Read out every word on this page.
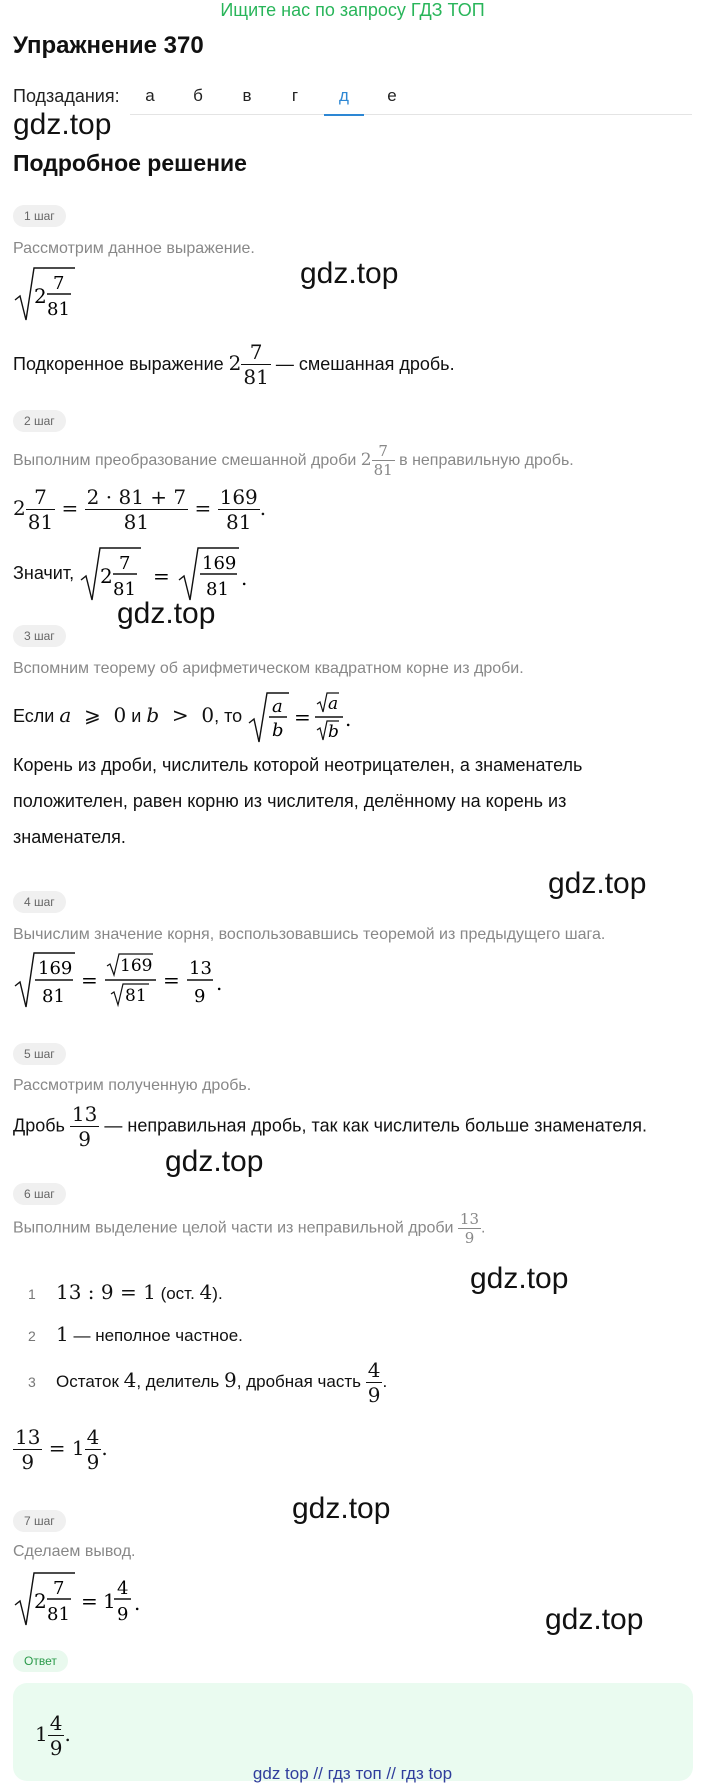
Ищите нас по запросу ГДЗ ТОП
Упражнение 370
Подзадания:	а	б	в	г	д	е
gdz.top
Подробное решение
1 шаг
Рассмотрим данное выражение.
gdz.top
2
7
81
Подкоренное выражение $2 \frac{7}{81}$ — смешанная дробь.
2 шаг
Выполним преобразование смешанной дроби $2 \frac{7}{81}$ в неправильную дробь.
$2 \frac{7}{81} = \frac{2 \cdot 81 + 7}{81} = \frac{169}{81}$ .
Значит, 2
7
81
=
169
81 .
gdz.top
3 шаг
Вспомним теорему об арифметическом квадратном корне из дроби.
Если a  ⩾  0 и b  >  0, то a
b
=
a
b
.
Корень из дроби, числитель которой неотрицателен, а знаменатель
положителен, равен корню из числителя, делённому на корень из
знаменателя.
gdz.top
4 шаг
Вычислим значение корня, воспользовавшись теоремой из предыдущего шага.
169
81
=
169
81
= 13
9
.
5 шаг
Рассмотрим полученную дробь.
Дробь $\frac{13}{9}$ — неправильная дробь, так как числитель больше знаменателя.
gdz.top
6 шаг
Выполним выделение целой части из неправильной дроби $\frac{13}{9}$ .
gdz.top
1 13 : 9 = 1 (ост. 4).
2 1 — неполное частное.
3 Остаток 4, делитель 9, дробная часть $\frac{4}{9}$ .
$\frac{13}{9} = 1 \frac{4}{9}$ .
gdz.top
7 шаг
Сделаем вывод.
2
7
81
= 1
4
9 .	gdz.top
Ответ
$1 \frac{4}{9}$ .
gdz top // гдз топ // гдз top
